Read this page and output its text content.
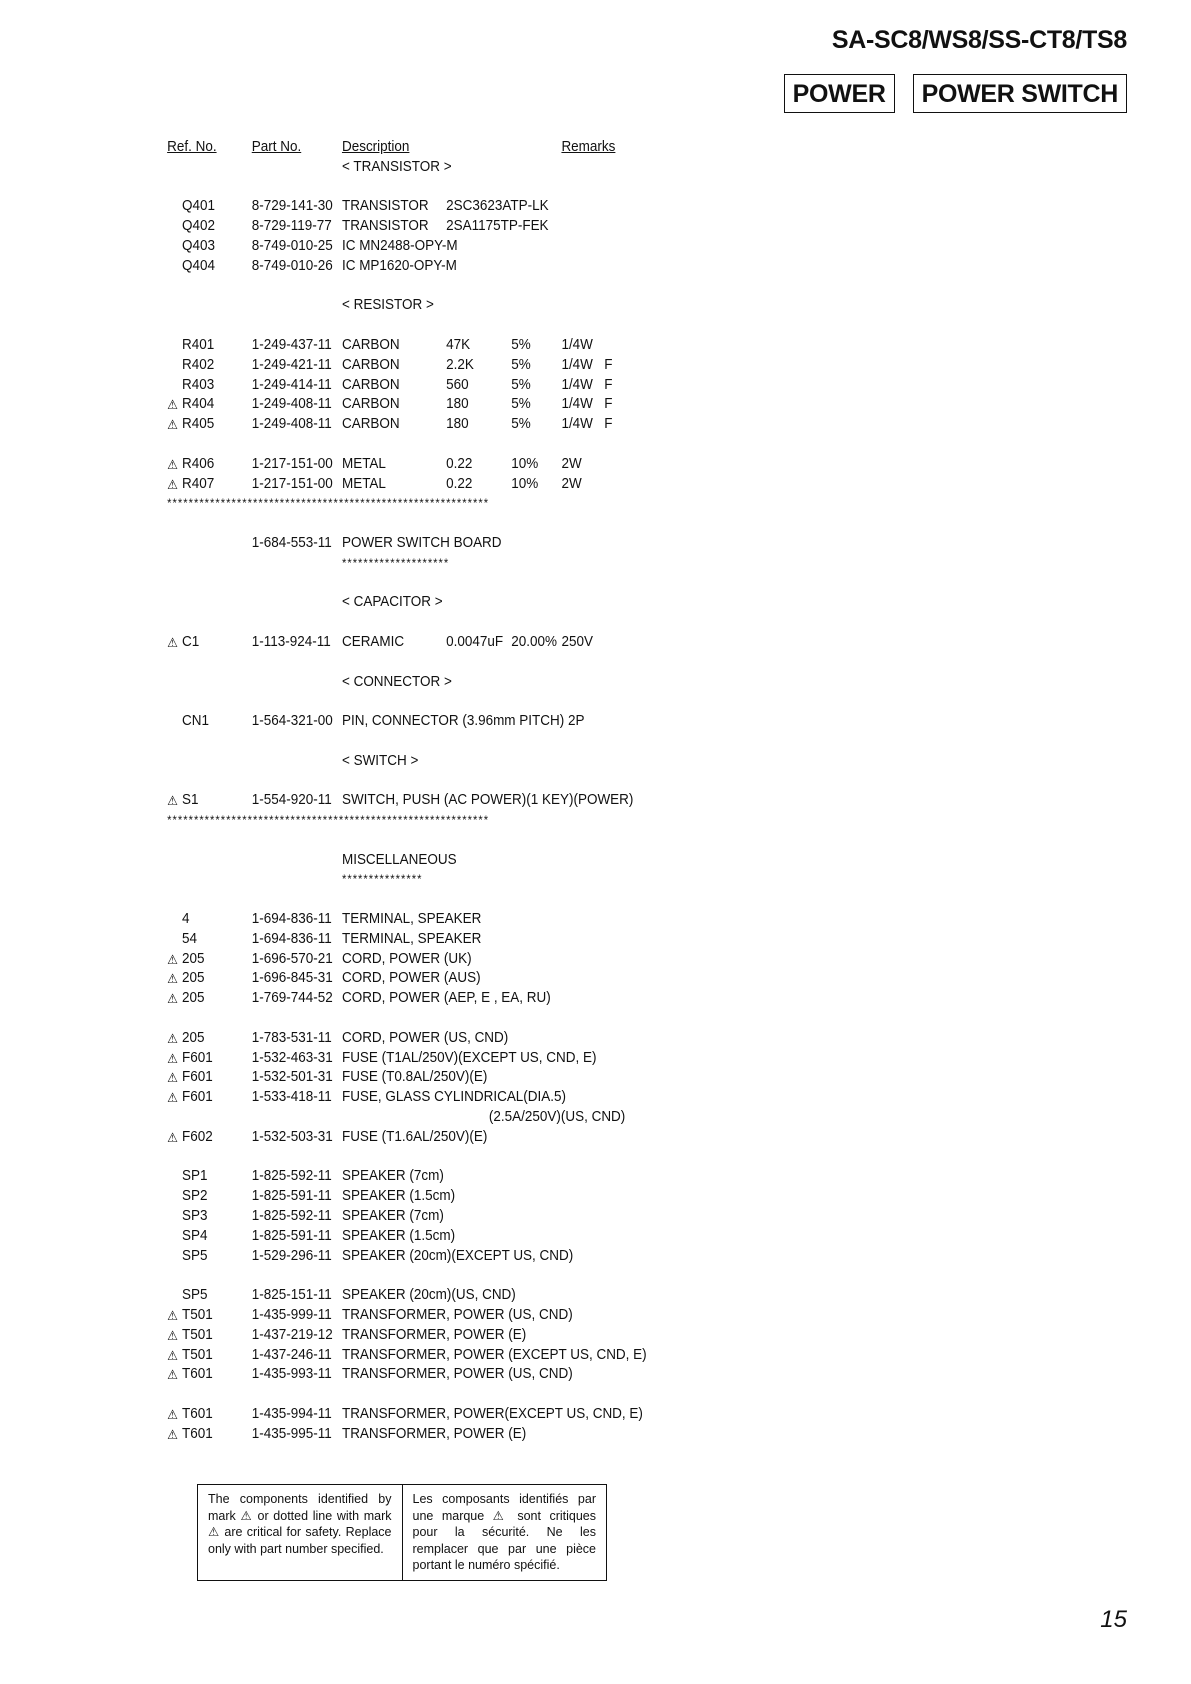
SA-SC8/WS8/SS-CT8/TS8
POWER	POWER SWITCH
Ref. No.	Part No.	Description	Remarks
< TRANSISTOR >
Q401	8-729-141-30 TRANSISTOR 2SC3623ATP-LK
Q402	8-729-119-77 TRANSISTOR 2SA1175TP-FEK
Q403	8-749-010-25 IC MN2488-OPY-M
Q404	8-749-010-26 IC MP1620-OPY-M
< RESISTOR >
R401	1-249-437-11 CARBON	47K	5% 1/4W
R402	1-249-421-11 CARBON	2.2K	5% 1/4W F
R403	1-249-414-11 CARBON	560	5% 1/4W F
⚠ R404	1-249-408-11 CARBON	180	5% 1/4W F
⚠ R405	1-249-408-11 CARBON	180	5% 1/4W F
⚠ R406	1-217-151-00 METAL	0.22	10% 2W
⚠ R407	1-217-151-00 METAL	0.22	10% 2W
************************************************************
1-684-553-11 POWER SWITCH BOARD
********************
< CAPACITOR >
⚠ C1	1-113-924-11 CERAMIC	0.0047uF 20.00% 250V
< CONNECTOR >
CN1	1-564-321-00 PIN, CONNECTOR (3.96mm PITCH) 2P
< SWITCH >
⚠ S1	1-554-920-11 SWITCH, PUSH (AC POWER)(1 KEY)(POWER)
************************************************************
MISCELLANEOUS
***************
4	1-694-836-11 TERMINAL, SPEAKER
54	1-694-836-11 TERMINAL, SPEAKER
⚠ 205	1-696-570-21 CORD, POWER (UK)
⚠ 205	1-696-845-31 CORD, POWER (AUS)
⚠ 205	1-769-744-52 CORD, POWER (AEP, E , EA, RU)
⚠ 205	1-783-531-11 CORD, POWER (US, CND)
⚠ F601	1-532-463-31 FUSE (T1AL/250V)(EXCEPT US, CND, E)
⚠ F601	1-532-501-31 FUSE (T0.8AL/250V)(E)
⚠ F601	1-533-418-11 FUSE, GLASS CYLINDRICAL(DIA.5)
(2.5A/250V)(US, CND)
⚠ F602	1-532-503-31 FUSE (T1.6AL/250V)(E)
SP1	1-825-592-11 SPEAKER (7cm)
SP2	1-825-591-11 SPEAKER (1.5cm)
SP3	1-825-592-11 SPEAKER (7cm)
SP4	1-825-591-11 SPEAKER (1.5cm)
SP5	1-529-296-11 SPEAKER (20cm)(EXCEPT US, CND)
SP5	1-825-151-11 SPEAKER (20cm)(US, CND)
⚠ T501	1-435-999-11 TRANSFORMER, POWER (US, CND)
⚠ T501	1-437-219-12 TRANSFORMER, POWER (E)
⚠ T501	1-437-246-11 TRANSFORMER, POWER (EXCEPT US, CND, E)
⚠ T601	1-435-993-11 TRANSFORMER, POWER (US, CND)
⚠ T601	1-435-994-11 TRANSFORMER, POWER(EXCEPT US, CND, E)
⚠ T601	1-435-995-11 TRANSFORMER, POWER (E)
The components identified by mark ⚠ or dotted line with mark ⚠ are critical for safety. Replace only with part number specified.
Les composants identifiés par une marque ⚠ sont critiques pour la sécurité. Ne les remplacer que par une pièce portant le numéro spécifié.
15
